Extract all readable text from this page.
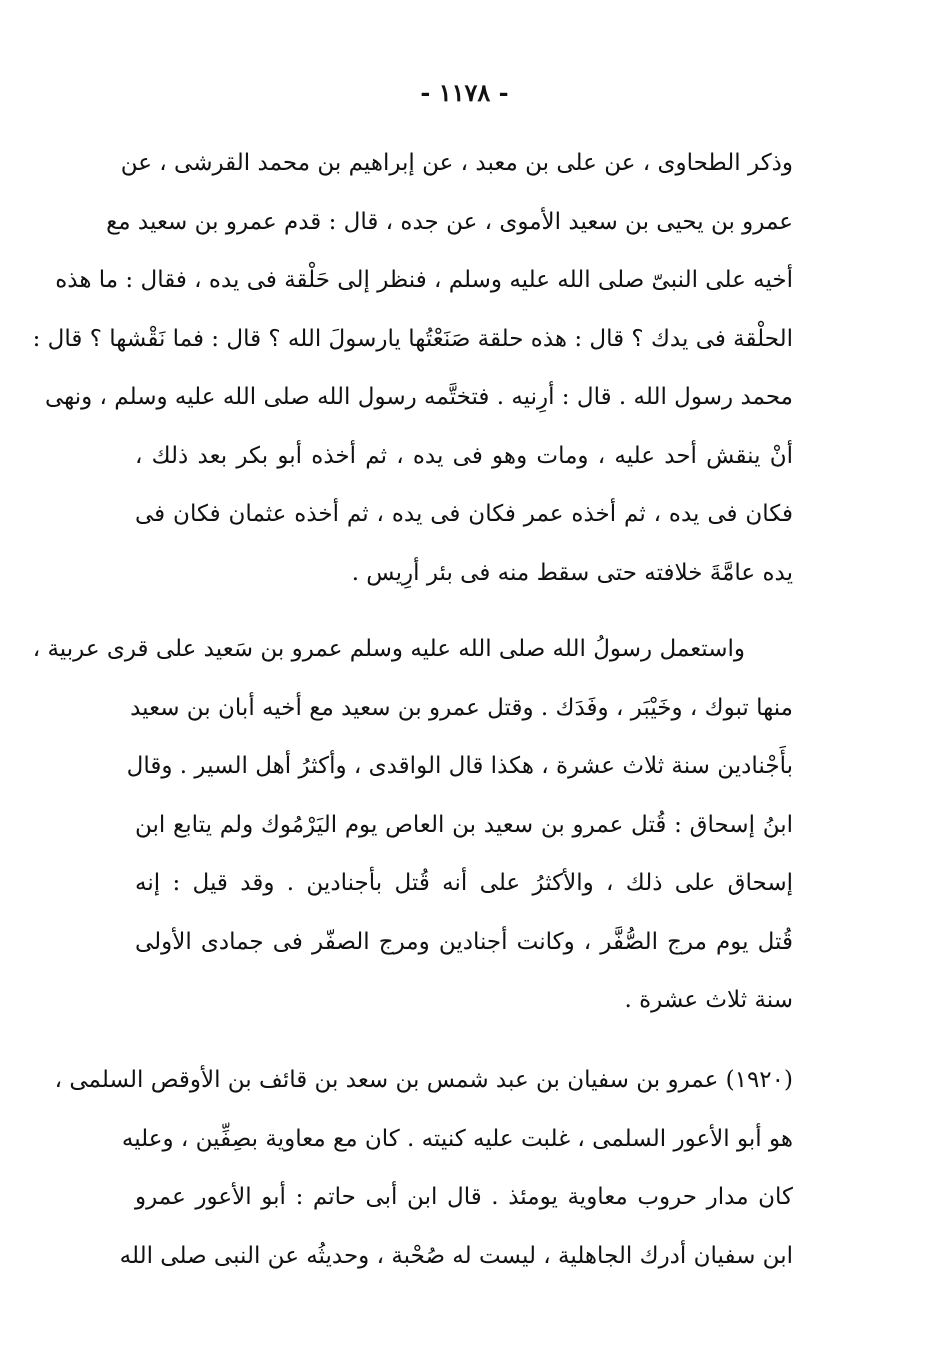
- ١١٧٨ -
وذكر الطحاوى ، عن على بن معبد ، عن إبراهيم بن محمد القرشى ، عن
عمرو بن يحيى بن سعيد الأموى ، عن جده ، قال : قدم عمرو بن سعيد مع
أخيه على النبىّ صلى الله عليه وسلم ، فنظر إلى حَلْقة فى يده ، فقال : ما هذه
الحلْقة فى يدك ؟ قال : هذه حلقة صَنَعْتُها يارسولَ الله ؟ قال : فما نَقْشها ؟ قال :
محمد رسول الله . قال : أرِنيه . فتختَّمه رسول الله صلى الله عليه وسلم ، ونهى
أنْ ينقش أحد عليه ، ومات وهو فى يده ، ثم أخذه أبو بكر بعد ذلك ،
فكان فى يده ، ثم أخذه عمر فكان فى يده ، ثم أخذه عثمان فكان فى
يده عامَّةَ خلافته حتى سقط منه فى بئر أرِيس .
واستعمل رسولُ الله صلى الله عليه وسلم عمرو بن سَعيد على قرى عربية ،
منها تبوك ، وخَيْبَر ، وفَدَك . وقتل عمرو بن سعيد مع أخيه أبان بن سعيد
بأَجْنادين سنة ثلاث عشرة ، هكذا قال الواقدى ، وأكثرُ أهل السير . وقال
ابنُ إسحاق : قُتل عمرو بن سعيد بن العاص يوم اليَرْمُوك ولم يتابع ابن
إسحاق على ذلك ، والأكثرُ على أنه قُتل بأجنادين . وقد قيل : إنه
قُتل يوم مرج الصُّفَّر ، وكانت أجنادين ومرج الصفّر فى جمادى الأولى
سنة ثلاث عشرة .
(١٩٢٠) عمرو بن سفيان بن عبد شمس بن سعد بن قائف بن الأوقص السلمى ،
هو أبو الأعور السلمى ، غلبت عليه كنيته . كان مع معاوية بصِفِّين ، وعليه
كان مدار حروب معاوية يومئذ . قال ابن أبى حاتم : أبو الأعور عمرو
ابن سفيان أدرك الجاهلية ، ليست له صُحْبة ، وحديثُه عن النبى صلى الله
